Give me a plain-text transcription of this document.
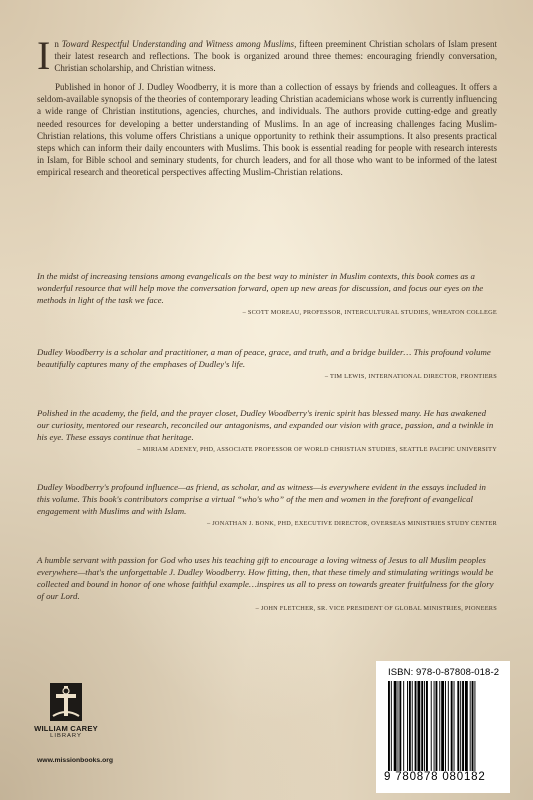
In Toward Respectful Understanding and Witness among Muslims, fifteen preeminent Christian scholars of Islam present their latest research and reflections. The book is organized around three themes: encouraging friendly conversation, Christian scholarship, and Christian witness.

Published in honor of J. Dudley Woodberry, it is more than a collection of essays by friends and colleagues. It offers a seldom-available synopsis of the theories of contemporary leading Christian academicians whose work is currently influencing a wide range of Christian institutions, agencies, churches, and individuals. The authors provide cutting-edge and greatly needed resources for developing a better understanding of Muslims. In an age of increasing challenges facing Muslim-Christian relations, this volume offers Christians a unique opportunity to rethink their assumptions. It also presents practical steps which can inform their daily encounters with Muslims. This book is essential reading for people with research interests in Islam, for Bible school and seminary students, for church leaders, and for all those who want to be informed of the latest empirical research and theoretical perspectives affecting Muslim-Christian relations.

In the midst of increasing tensions among evangelicals on the best way to minister in Muslim contexts, this book comes as a wonderful resource that will help move the conversation forward, open up new areas for discussion, and focus our eyes on the methods in light of the task we face.

– SCOTT MOREAU, PROFESSOR, INTERCULTURAL STUDIES, WHEATON COLLEGE

Dudley Woodberry is a scholar and practitioner, a man of peace, grace, and truth, and a bridge builder… This profound volume beautifully captures many of the emphases of Dudley's life.

– TIM LEWIS, INTERNATIONAL DIRECTOR, FRONTIERS

Polished in the academy, the field, and the prayer closet, Dudley Woodberry's irenic spirit has blessed many. He has awakened our curiosity, mentored our research, reconciled our antagonisms, and expanded our vision with grace, passion, and a twinkle in his eye. These essays continue that heritage.

– MIRIAM ADENEY, PHD, ASSOCIATE PROFESSOR OF WORLD CHRISTIAN STUDIES, SEATTLE PACIFIC UNIVERSITY

Dudley Woodberry's profound influence—as friend, as scholar, and as witness—is everywhere evident in the essays included in this volume. This book's contributors comprise a virtual “who's who” of the men and women in the forefront of evangelical engagement with Muslims and with Islam.

– JONATHAN J. BONK, PHD, EXECUTIVE DIRECTOR, OVERSEAS MINISTRIES STUDY CENTER

A humble servant with passion for God who uses his teaching gift to encourage a loving witness of Jesus to all Muslim peoples everywhere—that's the unforgettable J. Dudley Woodberry. How fitting, then, that these timely and stimulating writings would be collected and bound in honor of one whose faithful example…inspires us all to press on towards greater fruitfulness for the glory of our Lord.

– JOHN FLETCHER, SR. VICE PRESIDENT OF GLOBAL MINISTRIES, PIONEERS

WILLIAM CAREY
LIBRARY
www.missionbooks.org
ISBN: 978-0-87808-018-2
9 780878 080182
